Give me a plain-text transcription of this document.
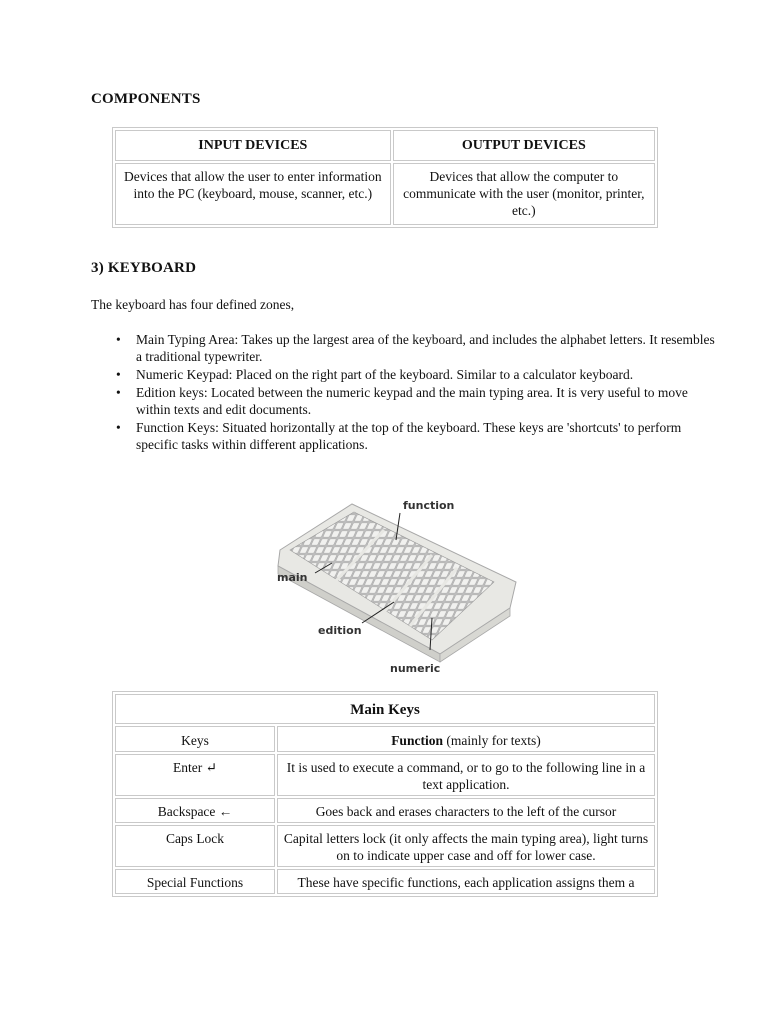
COMPONENTS
INPUT DEVICES	OUTPUT DEVICES
Devices that allow the user to enter information into the PC (keyboard, mouse, scanner, etc.)	Devices that allow the computer to communicate with the user (monitor, printer, etc.)
3) KEYBOARD

The keyboard has four defined zones,

• Main Typing Area: Takes up the largest area of the keyboard, and includes the alphabet letters. It resembles a traditional typewriter.
• Numeric Keypad: Placed on the right part of the keyboard. Similar to a calculator keyboard.
• Edition keys: Located between the numeric keypad and the main typing area. It is very useful to move within texts and edit documents.
• Function Keys: Situated horizontally at the top of the keyboard. These keys are 'shortcuts' to perform specific tasks within different applications.
function
main
edition
numeric
Main Keys	
Keys	Function (mainly for texts)
Enter ↵	It is used to execute a command, or to go to the following line in a text application.
Backspace ←	Goes back and erases characters to the left of the cursor
Caps Lock	Capital letters lock (it only affects the main typing area), light turns on to indicate upper case and off for lower case.
Special Functions	These have specific functions, each application assigns them a
